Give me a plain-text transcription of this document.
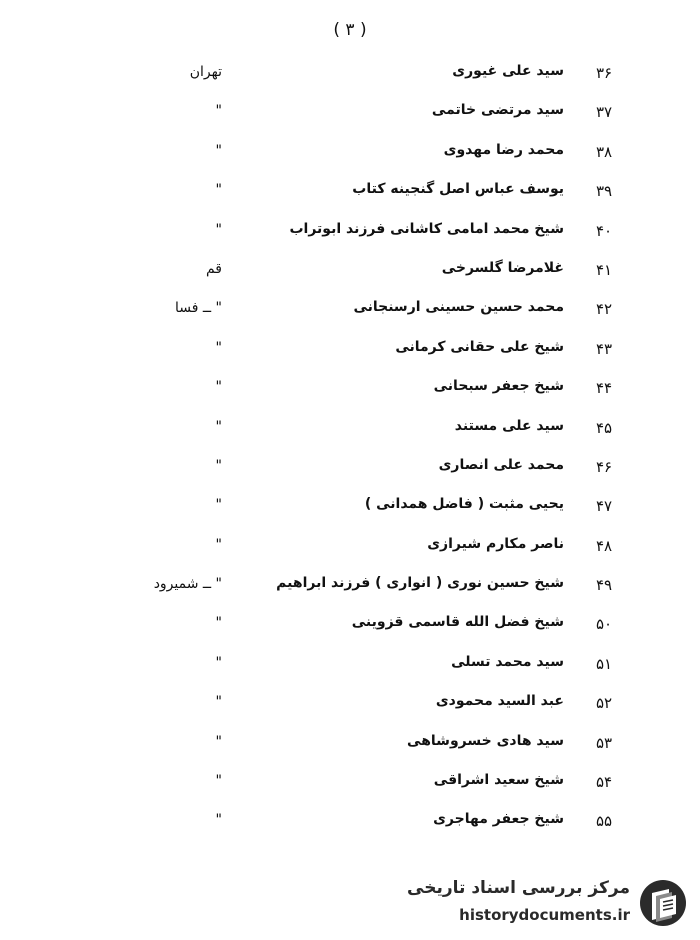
( ۳ )
۳۶
سید علی غیوری
تهران
۳۷
سید مرتضی خاتمی
"
۳۸
محمد رضا مهدوی
"
۳۹
یوسف عباس اصل گنجینه کتاب
"
۴۰
شیخ محمد امامی کاشانی فرزند ابوتراب
"
۴۱
غلامرضا گلسرخی
قم
۴۲
محمد حسین حسینی ارسنجانی
" ــ فسا
۴۳
شیخ علی حقانی کرمانی
"
۴۴
شیخ جعفر سبحانی
"
۴۵
سید علی مستند
"
۴۶
محمد علی انصاری
"
۴۷
یحیی مثبت ( فاضل همدانی )
"
۴۸
ناصر مکارم شیرازی
"
۴۹
شیخ حسین نوری ( انواری ) فرزند ابراهیم
" ــ شمیرود
۵۰
شیخ فضل الله قاسمی قزوینی
"
۵۱
سید محمد تسلی
"
۵۲
عبد السید محمودی
"
۵۳
سید هادی خسروشاهی
"
۵۴
شیخ سعید اشراقی
"
۵۵
شیخ جعفر مهاجری
"
مرکز بررسی اسناد تاریخی
historydocuments.ir
